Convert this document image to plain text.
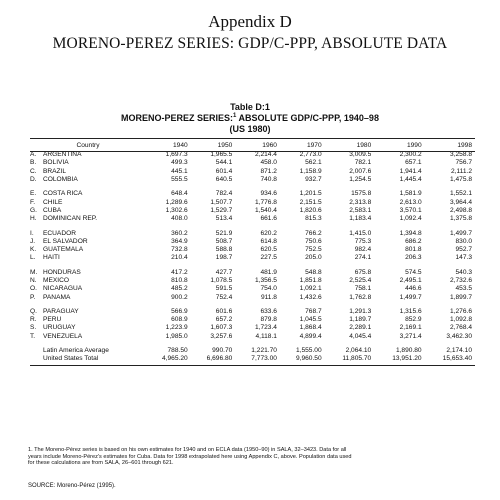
Appendix D
MORENO-PEREZ SERIES: GDP/C-PPP, ABSOLUTE DATA
Table D:1
MORENO-PEREZ SERIES:$^1$ ABSOLUTE GDP/C-PPP, 1940–98
(US 1980)
Country		1940	1950	1960	1970	1980	1990	1998
A.	ARGENTINA	1,697.3	1,965.5	2,214.4	2,773.0	3,009.5	2,300.2	3,258.8
B.	BOLIVIA	499.3	544.1	458.0	562.1	782.1	657.1	756.7
C.	BRAZIL	445.1	601.4	871.2	1,158.9	2,007.6	1,941.4	2,111.2
D.	COLOMBIA	555.5	640.5	740.8	932.7	1,254.5	1,445.4	1,475.8

E.	COSTA RICA	648.4	782.4	934.6	1,201.5	1575.8	1,581.9	1,552.1
F.	CHILE	1,289.6	1,507.7	1,776.8	2,151.5	2,313.8	2,613.0	3,964.4
G.	CUBA	1,302.6	1,529.7	1,540.4	1,820.6	2,583.1	3,570.1	2,498.8
H.	DOMINICAN REP.	408.0	513.4	661.6	815.3	1,183.4	1,092.4	1,375.8

I.	ECUADOR	360.2	521.9	620.2	766.2	1,415.0	1,394.8	1,499.7
J.	EL SALVADOR	364.9	508.7	614.8	750.6	775.3	686.2	830.0
K.	GUATEMALA	732.8	588.8	620.5	752.5	982.4	801.8	952.7
L.	HAITI	210.4	198.7	227.5	205.0	274.1	206.3	147.3

M.	HONDURAS	417.2	427.7	481.9	548.8	675.8	574.5	540.3
N.	MEXICO	810.8	1,078.5	1,356.5	1,851.8	2,525.4	2,495.1	2,732.6
O.	NICARAGUA	485.2	591.5	754.0	1,092.1	758.1	446.6	453.5
P.	PANAMA	900.2	752.4	911.8	1,432.6	1,762.8	1,499.7	1,899.7

Q.	PARAGUAY	566.9	601.6	633.6	768.7	1,291.3	1,315.6	1,276.6
R.	PERU	608.9	657.2	879.8	1,045.5	1,189.7	852.9	1,092.8
S.	URUGUAY	1,223.9	1,607.3	1,723.4	1,868.4	2,289.1	2,169.1	2,768.4
T.	VENEZUELA	1,985.0	3,257.6	4,118.1	4,899.4	4,045.4	3,271.4	3,462.30

	Latin America Average	788.50	990.70	1,221.70	1,555.00	2,064.10	1,890.80	2,174.10
	United States Total	4,965.20	6,696.80	7,773.00	9,960.50	11,805.70	13,951.20	15,653.40
1. The Moreno-Pérez series is based on his own estimates for 1940 and on ECLA data (1950–90) in SALA, 32–3423. Data for all years include Moreno-Pérez's estimates for Cuba. Data for 1998 extrapolated here using Appendix C, above. Population data used for these calculations are from SALA, 26–601 through 621.
SOURCE: Moreno-Pérez (1995).
